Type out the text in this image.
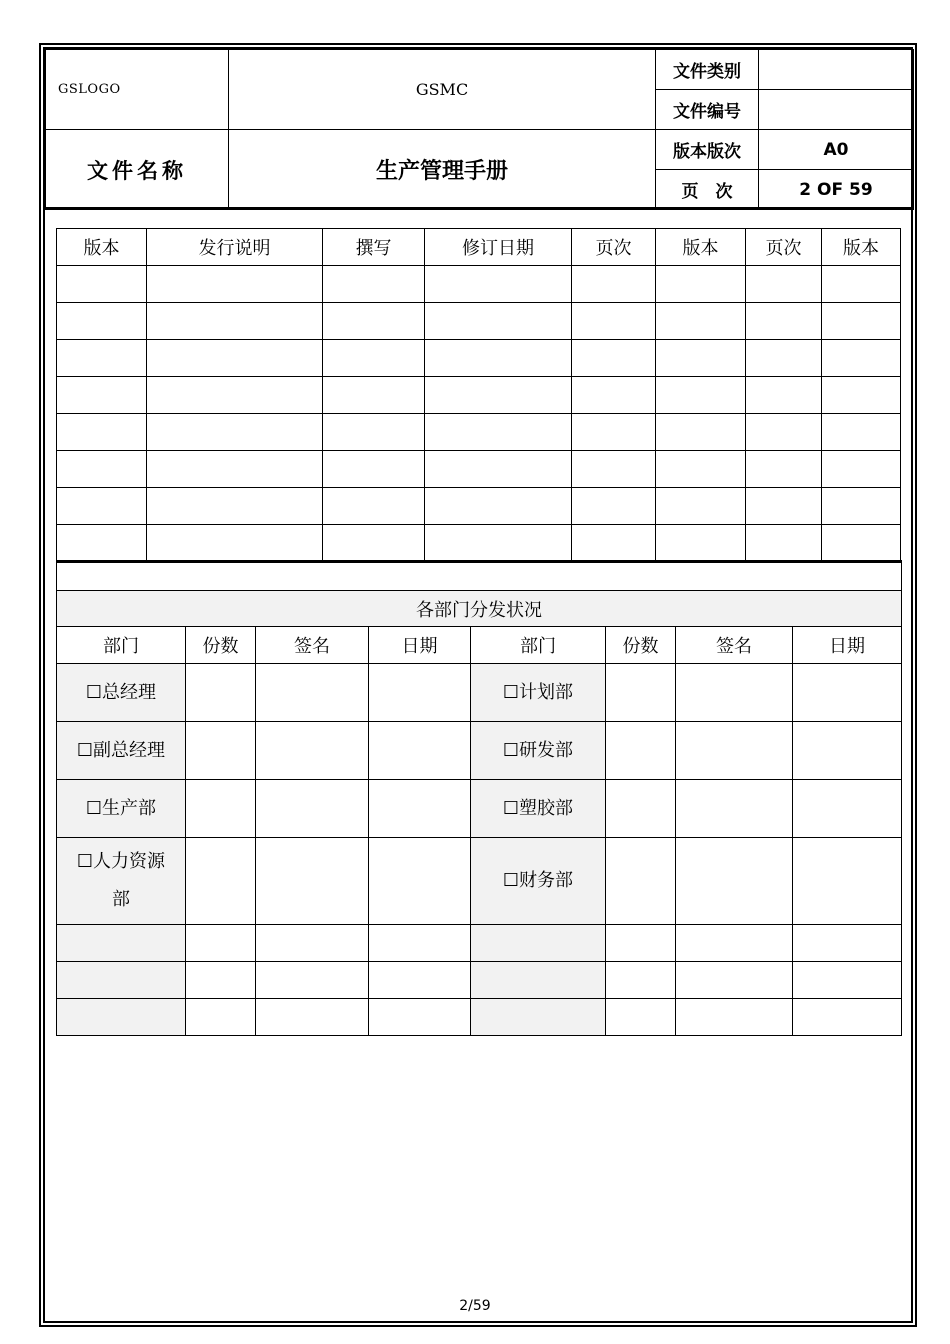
GSLOGO	GSMC	文件类别	
		文件编号	
文件名称	生产管理手册	版本版次	A0
		页　次	2 OF 59
版本	发行说明	撰写	修订日期	页次	版本	页次	版本

各部门分发状况							
部门	份数	签名	日期	部门	份数	签名	日期
☐总经理				☐计划部			
☐副总经理				☐研发部			
☐生产部				☐塑胶部			
☐人力资源部				☐财务部			

2/59
